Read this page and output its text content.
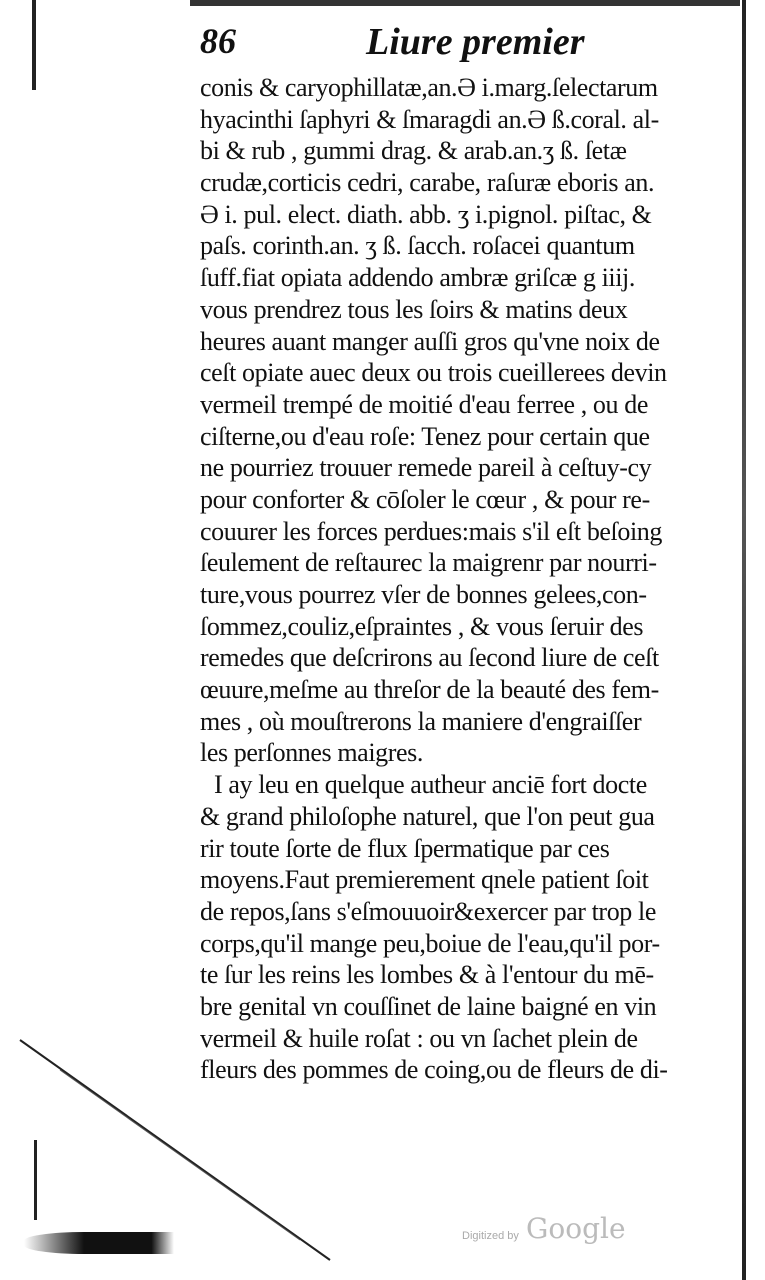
86	Liure premier
conis & caryophillatæ,an.Ə i.marg.ſelectarum
hyacinthi ſaphyri & ſmaragdi an.Ə ß.coral. al-
bi & rub , gummi drag. & arab.an.ʒ ß. ſetæ
crudæ,corticis cedri, carabe, raſuræ eboris an.
Ə i. pul. elect. diath. abb. ʒ i.pignol. piſtac, &
paſs. corinth.an. ʒ ß. ſacch. roſacei quantum
ſuff.fiat opiata addendo ambræ griſcæ g iiij.
vous prendrez tous les ſoirs & matins deux
heures auant manger auſſi gros qu'vne noix de
ceſt opiate auec deux ou trois cueillerees devin
vermeil trempé de moitié d'eau ferree , ou de
ciſterne,ou d'eau roſe: Tenez pour certain que
ne pourriez trouuer remede pareil à ceſtuy-cy
pour conforter & cōſoler le cœur , & pour re-
couurer les forces perdues:mais s'il eſt beſoing
ſeulement de reſtaurec la maigrenr par nourri-
ture,vous pourrez vſer de bonnes gelees,con-
ſommez,couliz,eſpraintes , & vous ſeruir des
remedes que deſcrirons au ſecond liure de ceſt
œuure,meſme au threſor de la beauté des fem-
mes , où mouſtrerons la maniere d'engraiſſer
les perſonnes maigres.
I ay leu en quelque autheur anciē fort docte
& grand philoſophe naturel, que l'on peut gua
rir toute ſorte de flux ſpermatique par ces
moyens.Faut premierement qnele patient ſoit
de repos,ſans s'eſmouuoir&exercer par trop le
corps,qu'il mange peu,boiue de l'eau,qu'il por-
te ſur les reins les lombes & à l'entour du mē-
bre genital vn couſſinet de laine baigné en vin
vermeil & huile roſat : ou vn ſachet plein de
fleurs des pommes de coing,ou de fleurs de di-
Digitized by Google
